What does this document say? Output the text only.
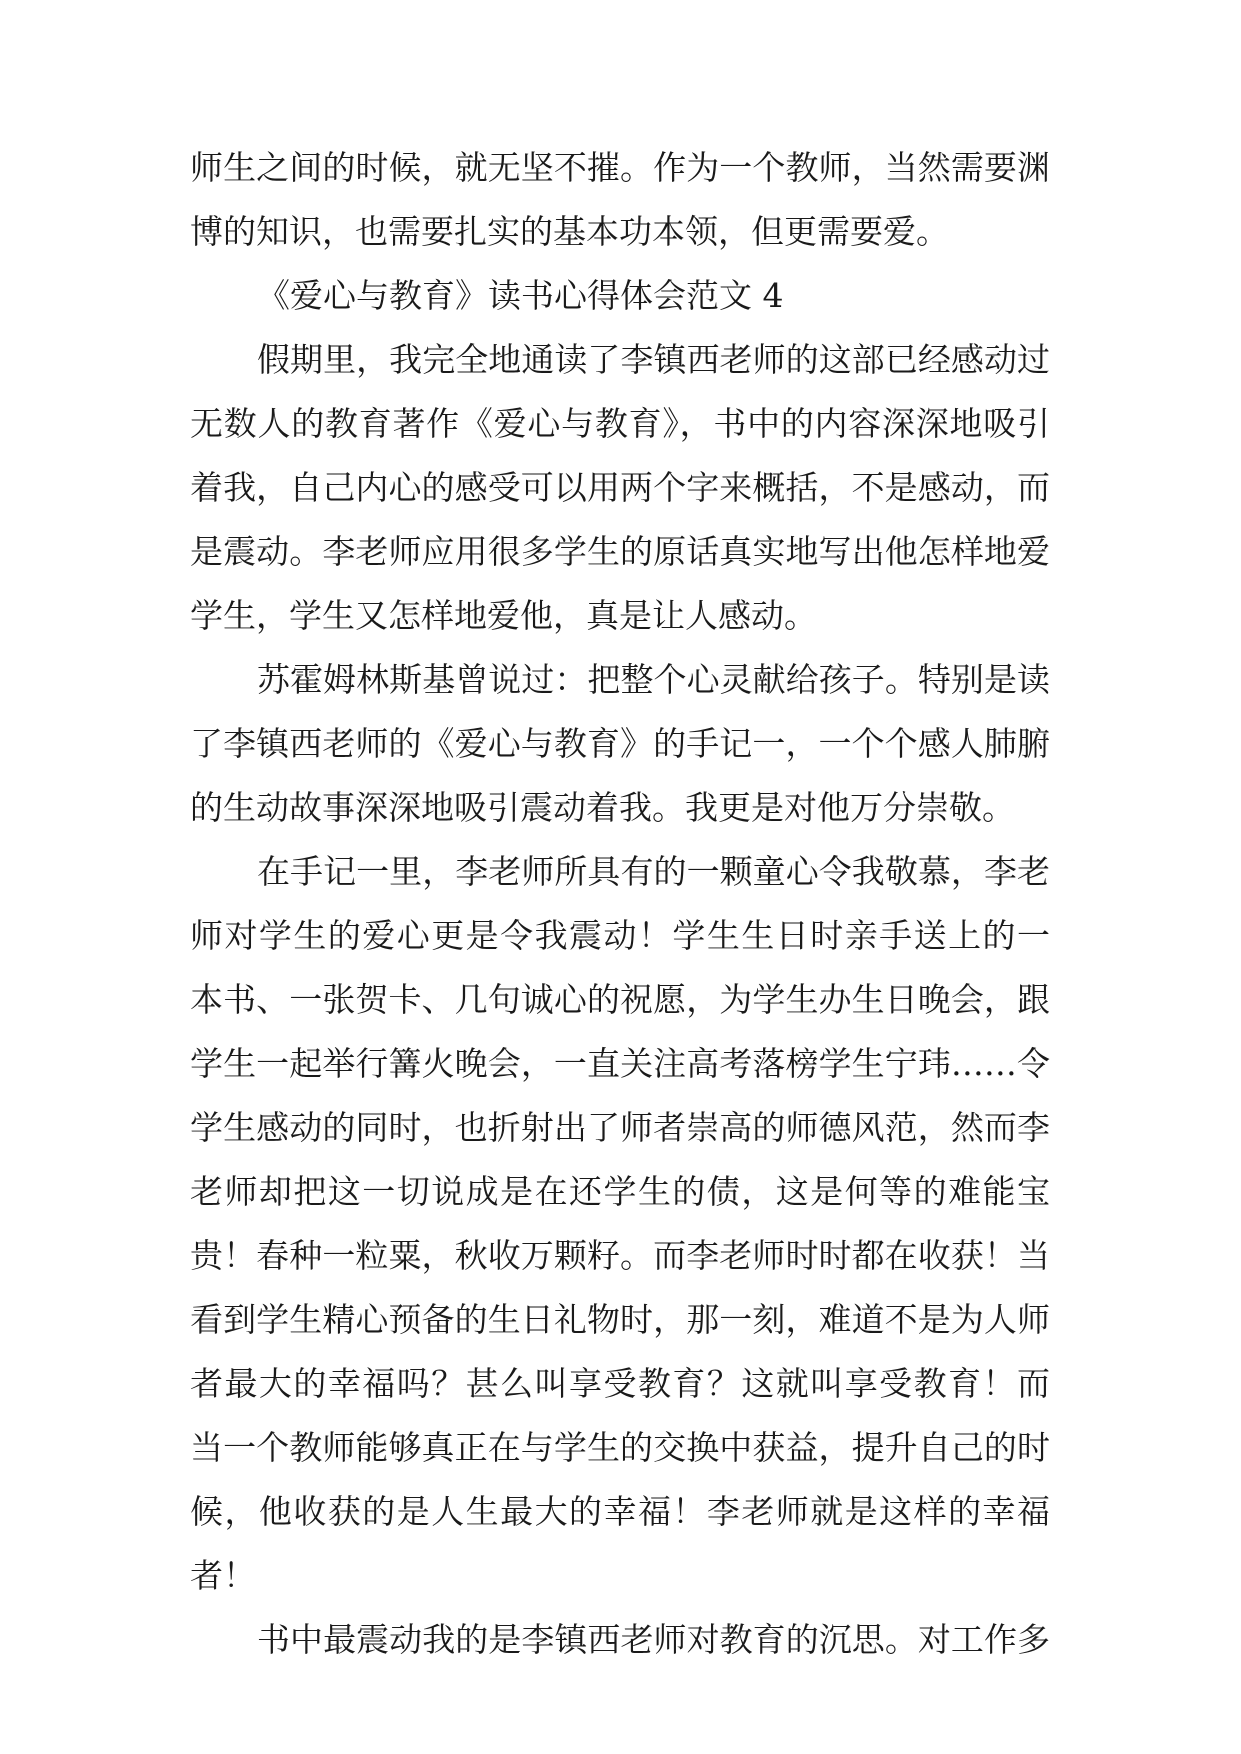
师生之间的时候，就无坚不摧。作为一个教师，当然需要渊
博的知识，也需要扎实的基本功本领，但更需要爱。
《爱心与教育》读书心得体会范文 4
假期里，我完全地通读了李镇西老师的这部已经感动过
无数人的教育著作《爱心与教育》，书中的内容深深地吸引
着我，自己内心的感受可以用两个字来概括，不是感动，而
是震动。李老师应用很多学生的原话真实地写出他怎样地爱
学生，学生又怎样地爱他，真是让人感动。
苏霍姆林斯基曾说过：把整个心灵献给孩子。特别是读
了李镇西老师的《爱心与教育》的手记一，一个个感人肺腑
的生动故事深深地吸引震动着我。我更是对他万分崇敬。
在手记一里，李老师所具有的一颗童心令我敬慕，李老
师对学生的爱心更是令我震动！学生生日时亲手送上的一
本书、一张贺卡、几句诚心的祝愿，为学生办生日晚会，跟
学生一起举行篝火晚会，一直关注高考落榜学生宁玮……令
学生感动的同时，也折射出了师者崇高的师德风范，然而李
老师却把这一切说成是在还学生的债，这是何等的难能宝
贵！春种一粒粟，秋收万颗籽。而李老师时时都在收获！当
看到学生精心预备的生日礼物时，那一刻，难道不是为人师
者最大的幸福吗？甚么叫享受教育？这就叫享受教育！而
当一个教师能够真正在与学生的交换中获益，提升自己的时
候，他收获的是人生最大的幸福！李老师就是这样的幸福
者！
书中最震动我的是李镇西老师对教育的沉思。对工作多
